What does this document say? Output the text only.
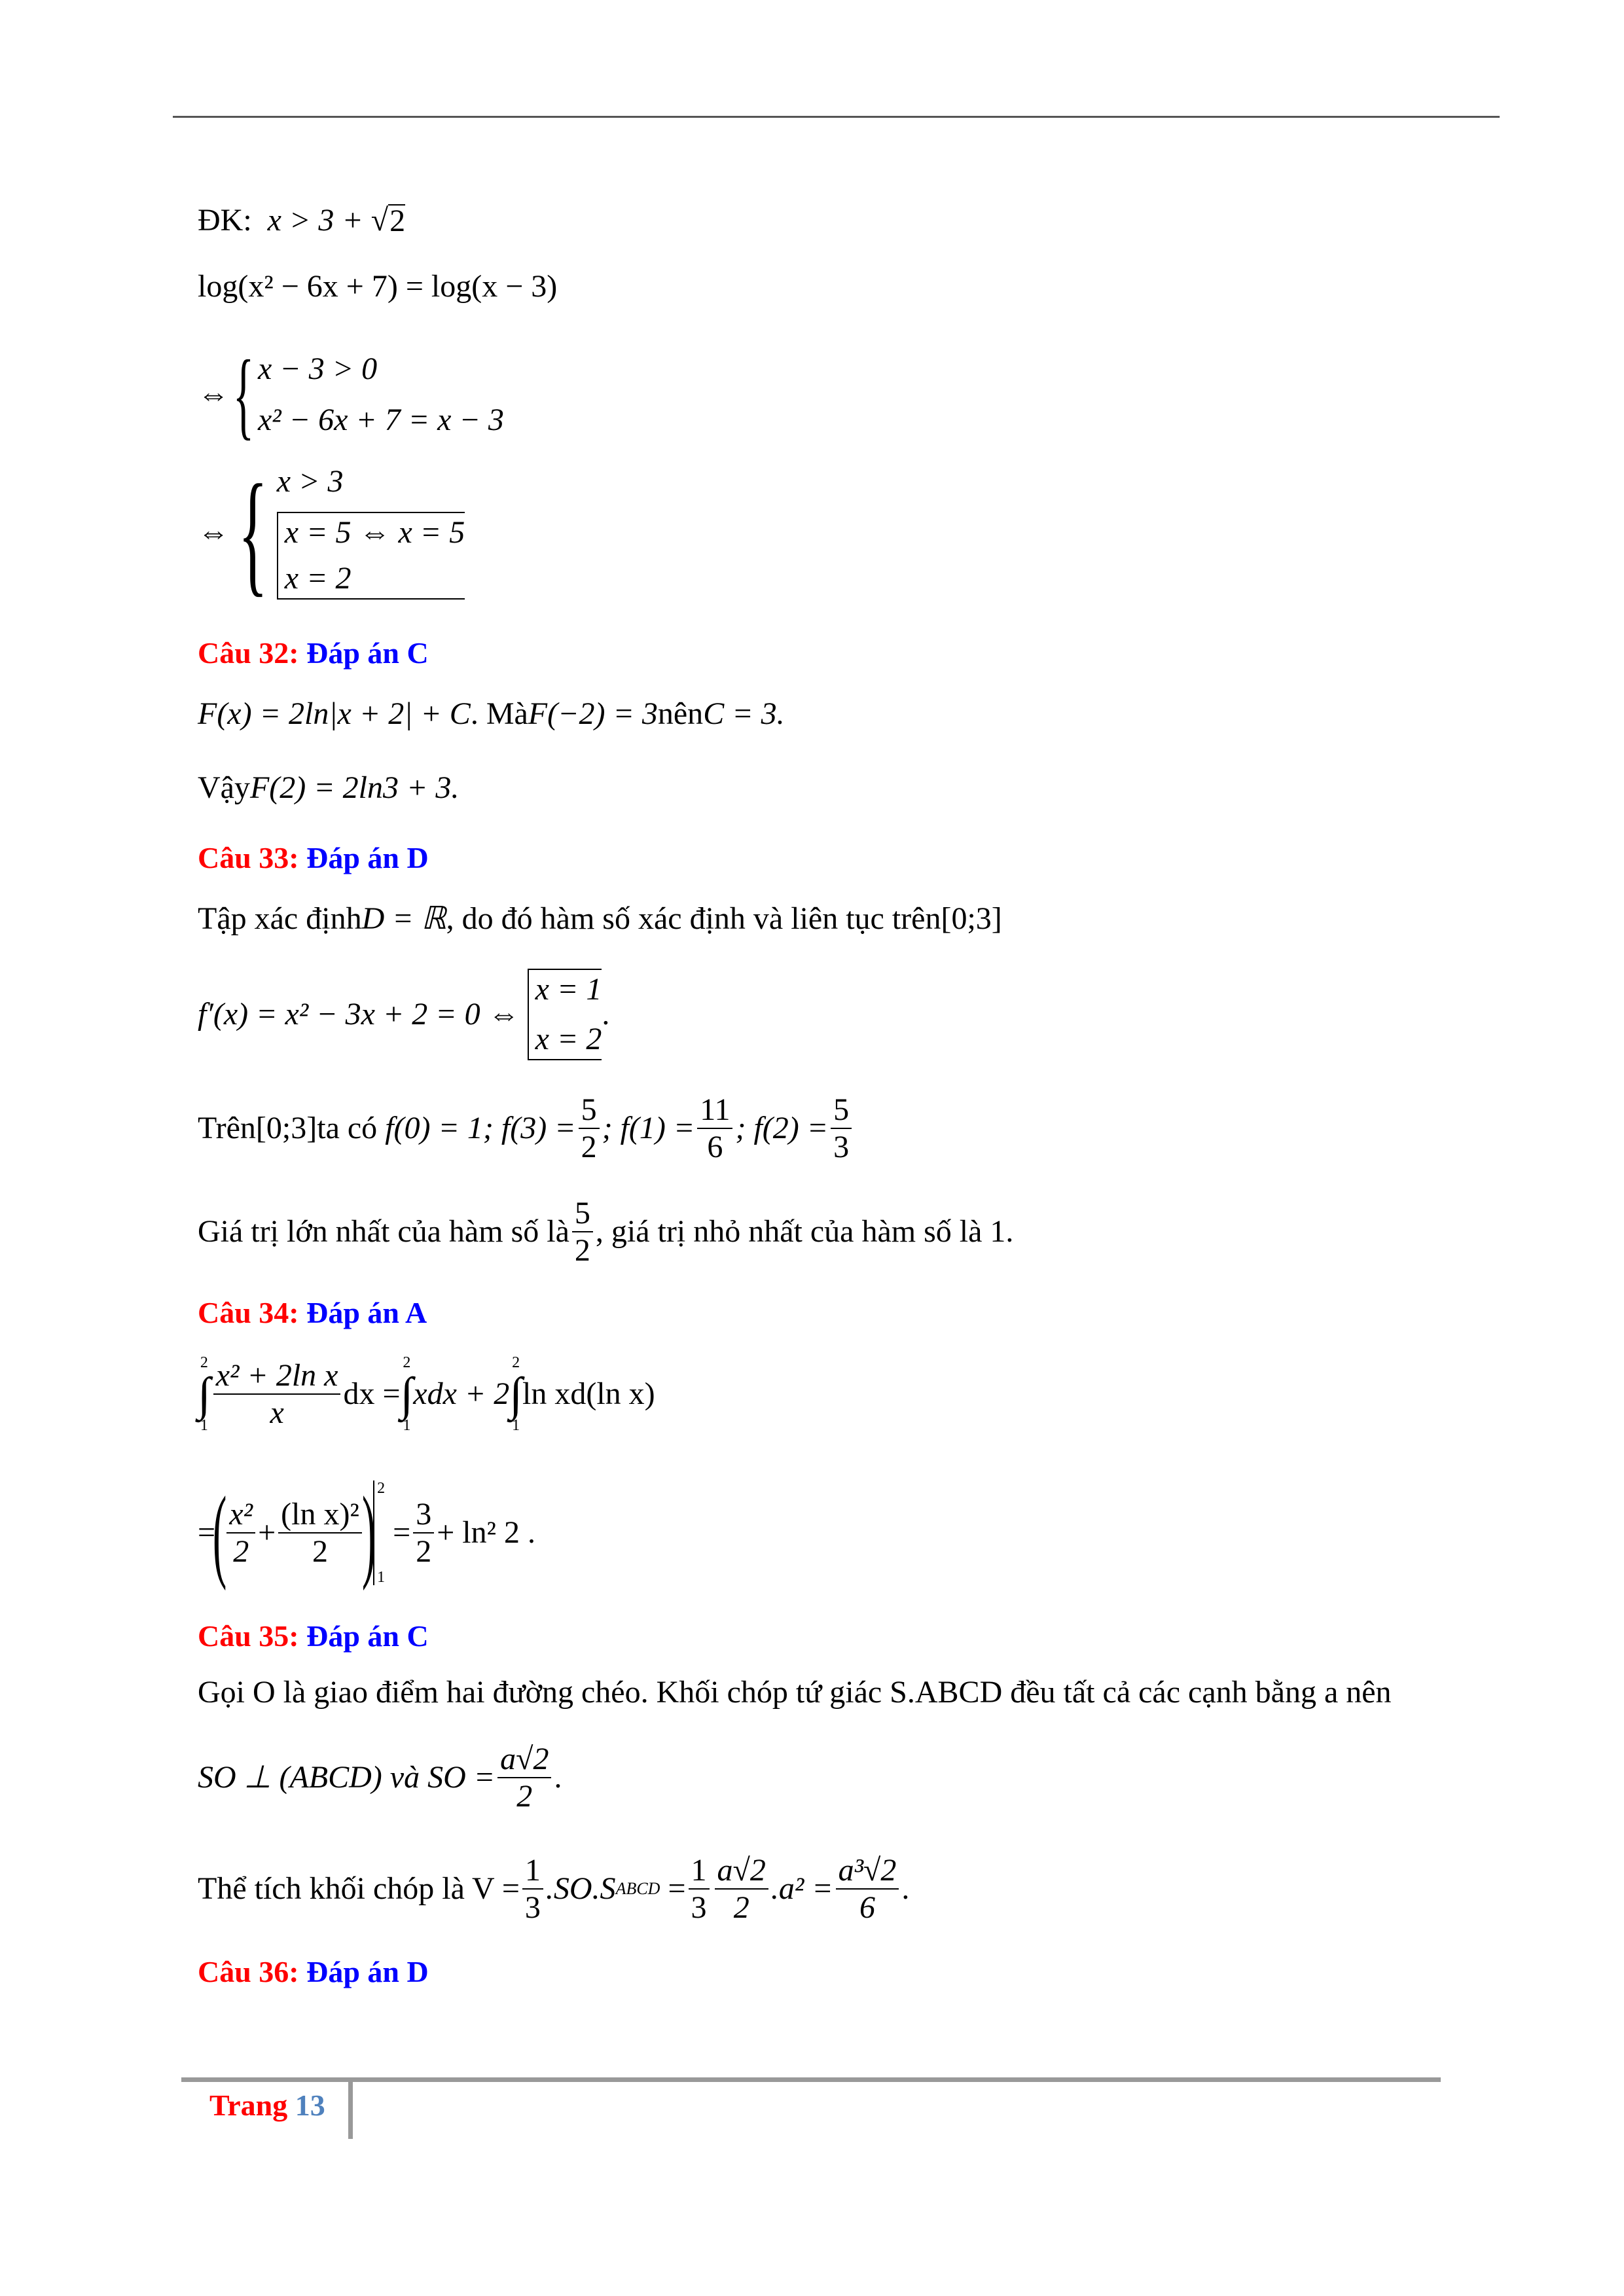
ĐK:
x > 3 + √ 2
log(x² − 6x + 7) = log(x − 3)
⇔ { x − 3 > 0
x² − 6x + 7 = x − 3
⇔ { x > 3
x = 5 ⇔ x = 5
x = 2
Câu 32:
Đáp án C
F(x) = 2ln|x + 2| + C . Mà F(−2) = 3 nên C = 3.
Vậy F(2) = 2ln3 + 3.
Câu 33:
Đáp án D
Tập xác định D = ℝ , do đó hàm số xác định và liên tục trên [0;3]
f′(x) = x² − 3x + 2 = 0 ⇔

x = 1
x = 2
.
Trên [0;3] ta có
f(0) = 1;
$f(3) = \frac{5}{2}$ ; $f(1) = \frac{11}{6}$ ; $f(2) = \frac{5}{3}$
Giá trị lớn nhất của hàm số là $\frac{5}{2}$ , giá trị nhỏ nhất của hàm số là 1.
Câu 34:
Đáp án A
2
∫
$1 \frac{\text{x² + 2ln x}}{x}$ dx =
2
∫
1
xdx + 2
2
∫
1
ln xd(ln x)
=
( $\frac{\text{x²}}{2} + \frac{\text{(ln x)²}}{2}$ ) 2
1

= $\frac{3}{2} + \ln^2$ 2 .
Câu 35:
Đáp án C
Gọi O là giao điểm hai đường chéo. Khối chóp tứ giác S.ABCD đều tất cả các cạnh bằng a nên
SO ⊥ (ABCD) và SO = $\frac{a√2}{2}$ .
Thể tích khối chóp là $V = \frac{1}{3} .SO.S$ ABCD
= $\frac{1}{3} \frac{a√2}{2} .a^2 = \frac{\text{a³√2}}{6}$ .
Câu 36:
Đáp án D
Trang 13
